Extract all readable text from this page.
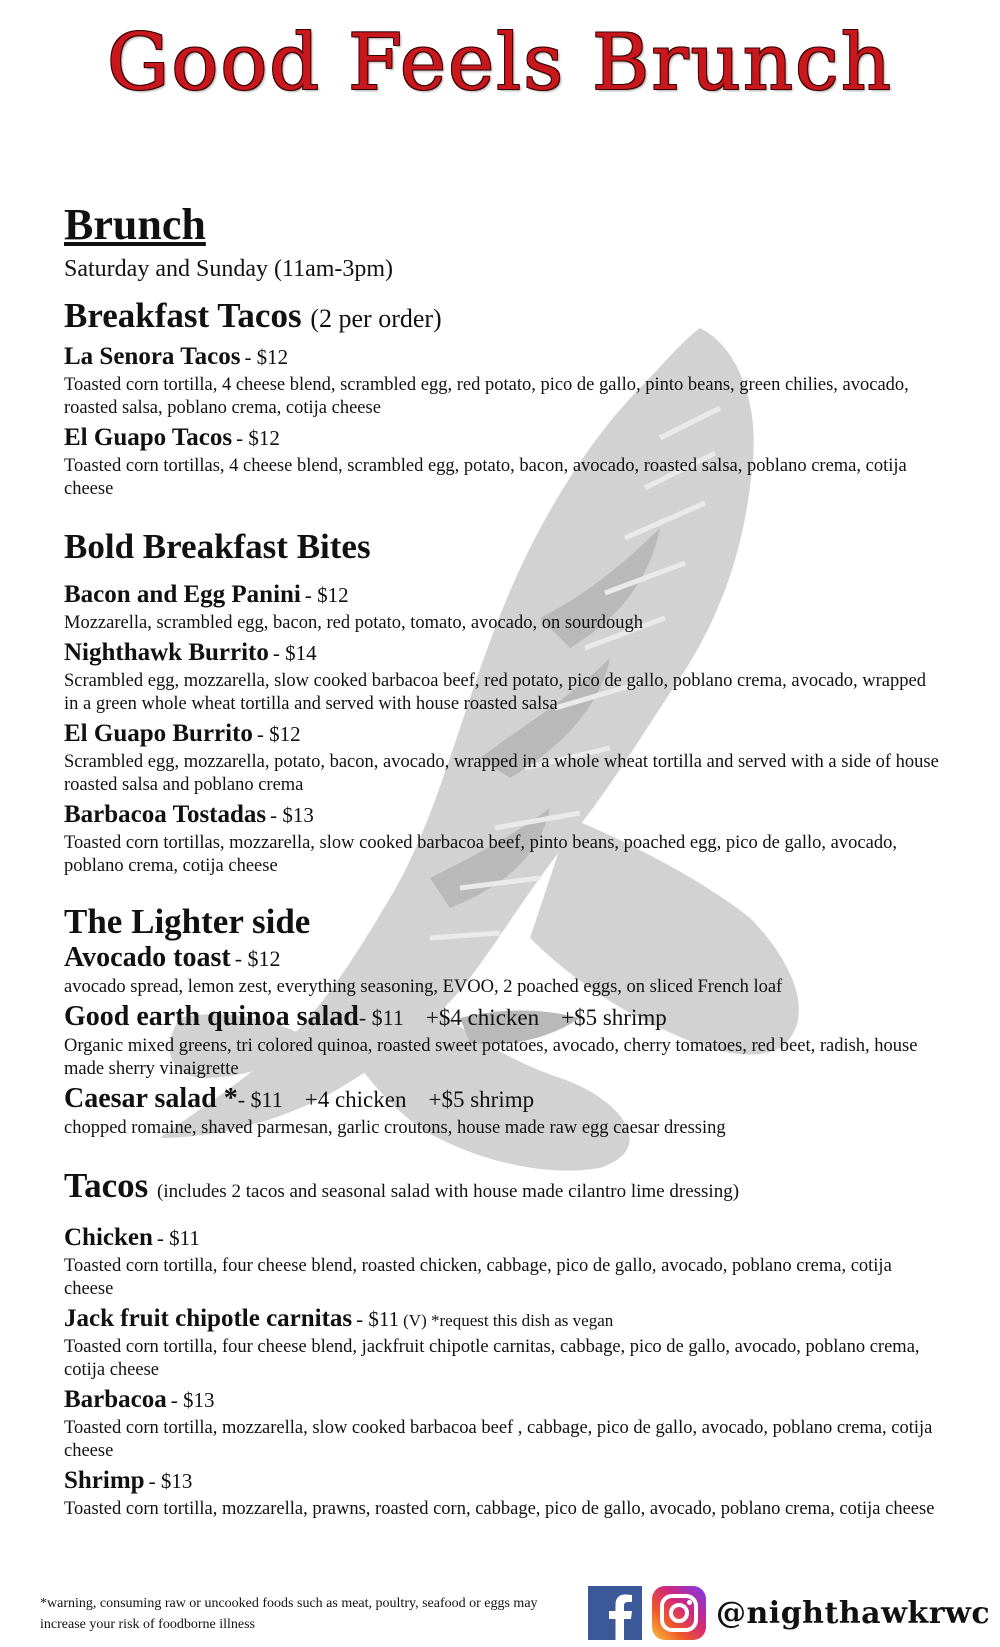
Good Feels Brunch
Brunch
Saturday and Sunday (11am-3pm)
Breakfast Tacos (2 per order)
La Senora Tacos - $12
Toasted corn tortilla, 4 cheese blend, scrambled egg, red potato, pico de gallo, pinto beans, green chilies, avocado, roasted salsa, poblano crema, cotija cheese
El Guapo Tacos - $12
Toasted corn tortillas, 4 cheese blend, scrambled egg, potato, bacon, avocado, roasted salsa, poblano crema, cotija cheese
Bold Breakfast Bites
Bacon and Egg Panini - $12
Mozzarella, scrambled egg, bacon, red potato, tomato, avocado, on sourdough
Nighthawk Burrito - $14
Scrambled egg, mozzarella, slow cooked barbacoa beef, red potato, pico de gallo, poblano crema, avocado, wrapped in a green whole wheat tortilla and served with house roasted salsa
El Guapo Burrito - $12
Scrambled egg, mozzarella, potato, bacon, avocado, wrapped in a whole wheat tortilla and served with a side of house roasted salsa and poblano crema
Barbacoa Tostadas - $13
Toasted corn tortillas, mozzarella, slow cooked barbacoa beef, pinto beans, poached egg, pico de gallo, avocado, poblano crema, cotija cheese
The Lighter side
Avocado toast - $12
avocado spread, lemon zest, everything seasoning, EVOO, 2 poached eggs, on sliced French loaf
Good earth quinoa salad- $11 +$4 chicken +$5 shrimp
Organic mixed greens, tri colored quinoa, roasted sweet potatoes, avocado, cherry tomatoes, red beet, radish, house made sherry vinaigrette
Caesar salad *- $11 +4 chicken +$5 shrimp
chopped romaine, shaved parmesan, garlic croutons, house made raw egg caesar dressing
Tacos (includes 2 tacos and seasonal salad with house made cilantro lime dressing)
Chicken - $11
Toasted corn tortilla, four cheese blend, roasted chicken, cabbage, pico de gallo, avocado, poblano crema, cotija cheese
Jack fruit chipotle carnitas - $11 (V) *request this dish as vegan
Toasted corn tortilla, four cheese blend, jackfruit chipotle carnitas, cabbage, pico de gallo, avocado, poblano crema, cotija cheese
Barbacoa - $13
Toasted corn tortilla, mozzarella, slow cooked barbacoa beef , cabbage, pico de gallo, avocado, poblano crema, cotija cheese
Shrimp - $13
Toasted corn tortilla, mozzarella, prawns, roasted corn, cabbage, pico de gallo, avocado, poblano crema, cotija cheese
*warning, consuming raw or uncooked foods such as meat, poultry, seafood or eggs may increase your risk of foodborne illness	@nighthawkrwc
